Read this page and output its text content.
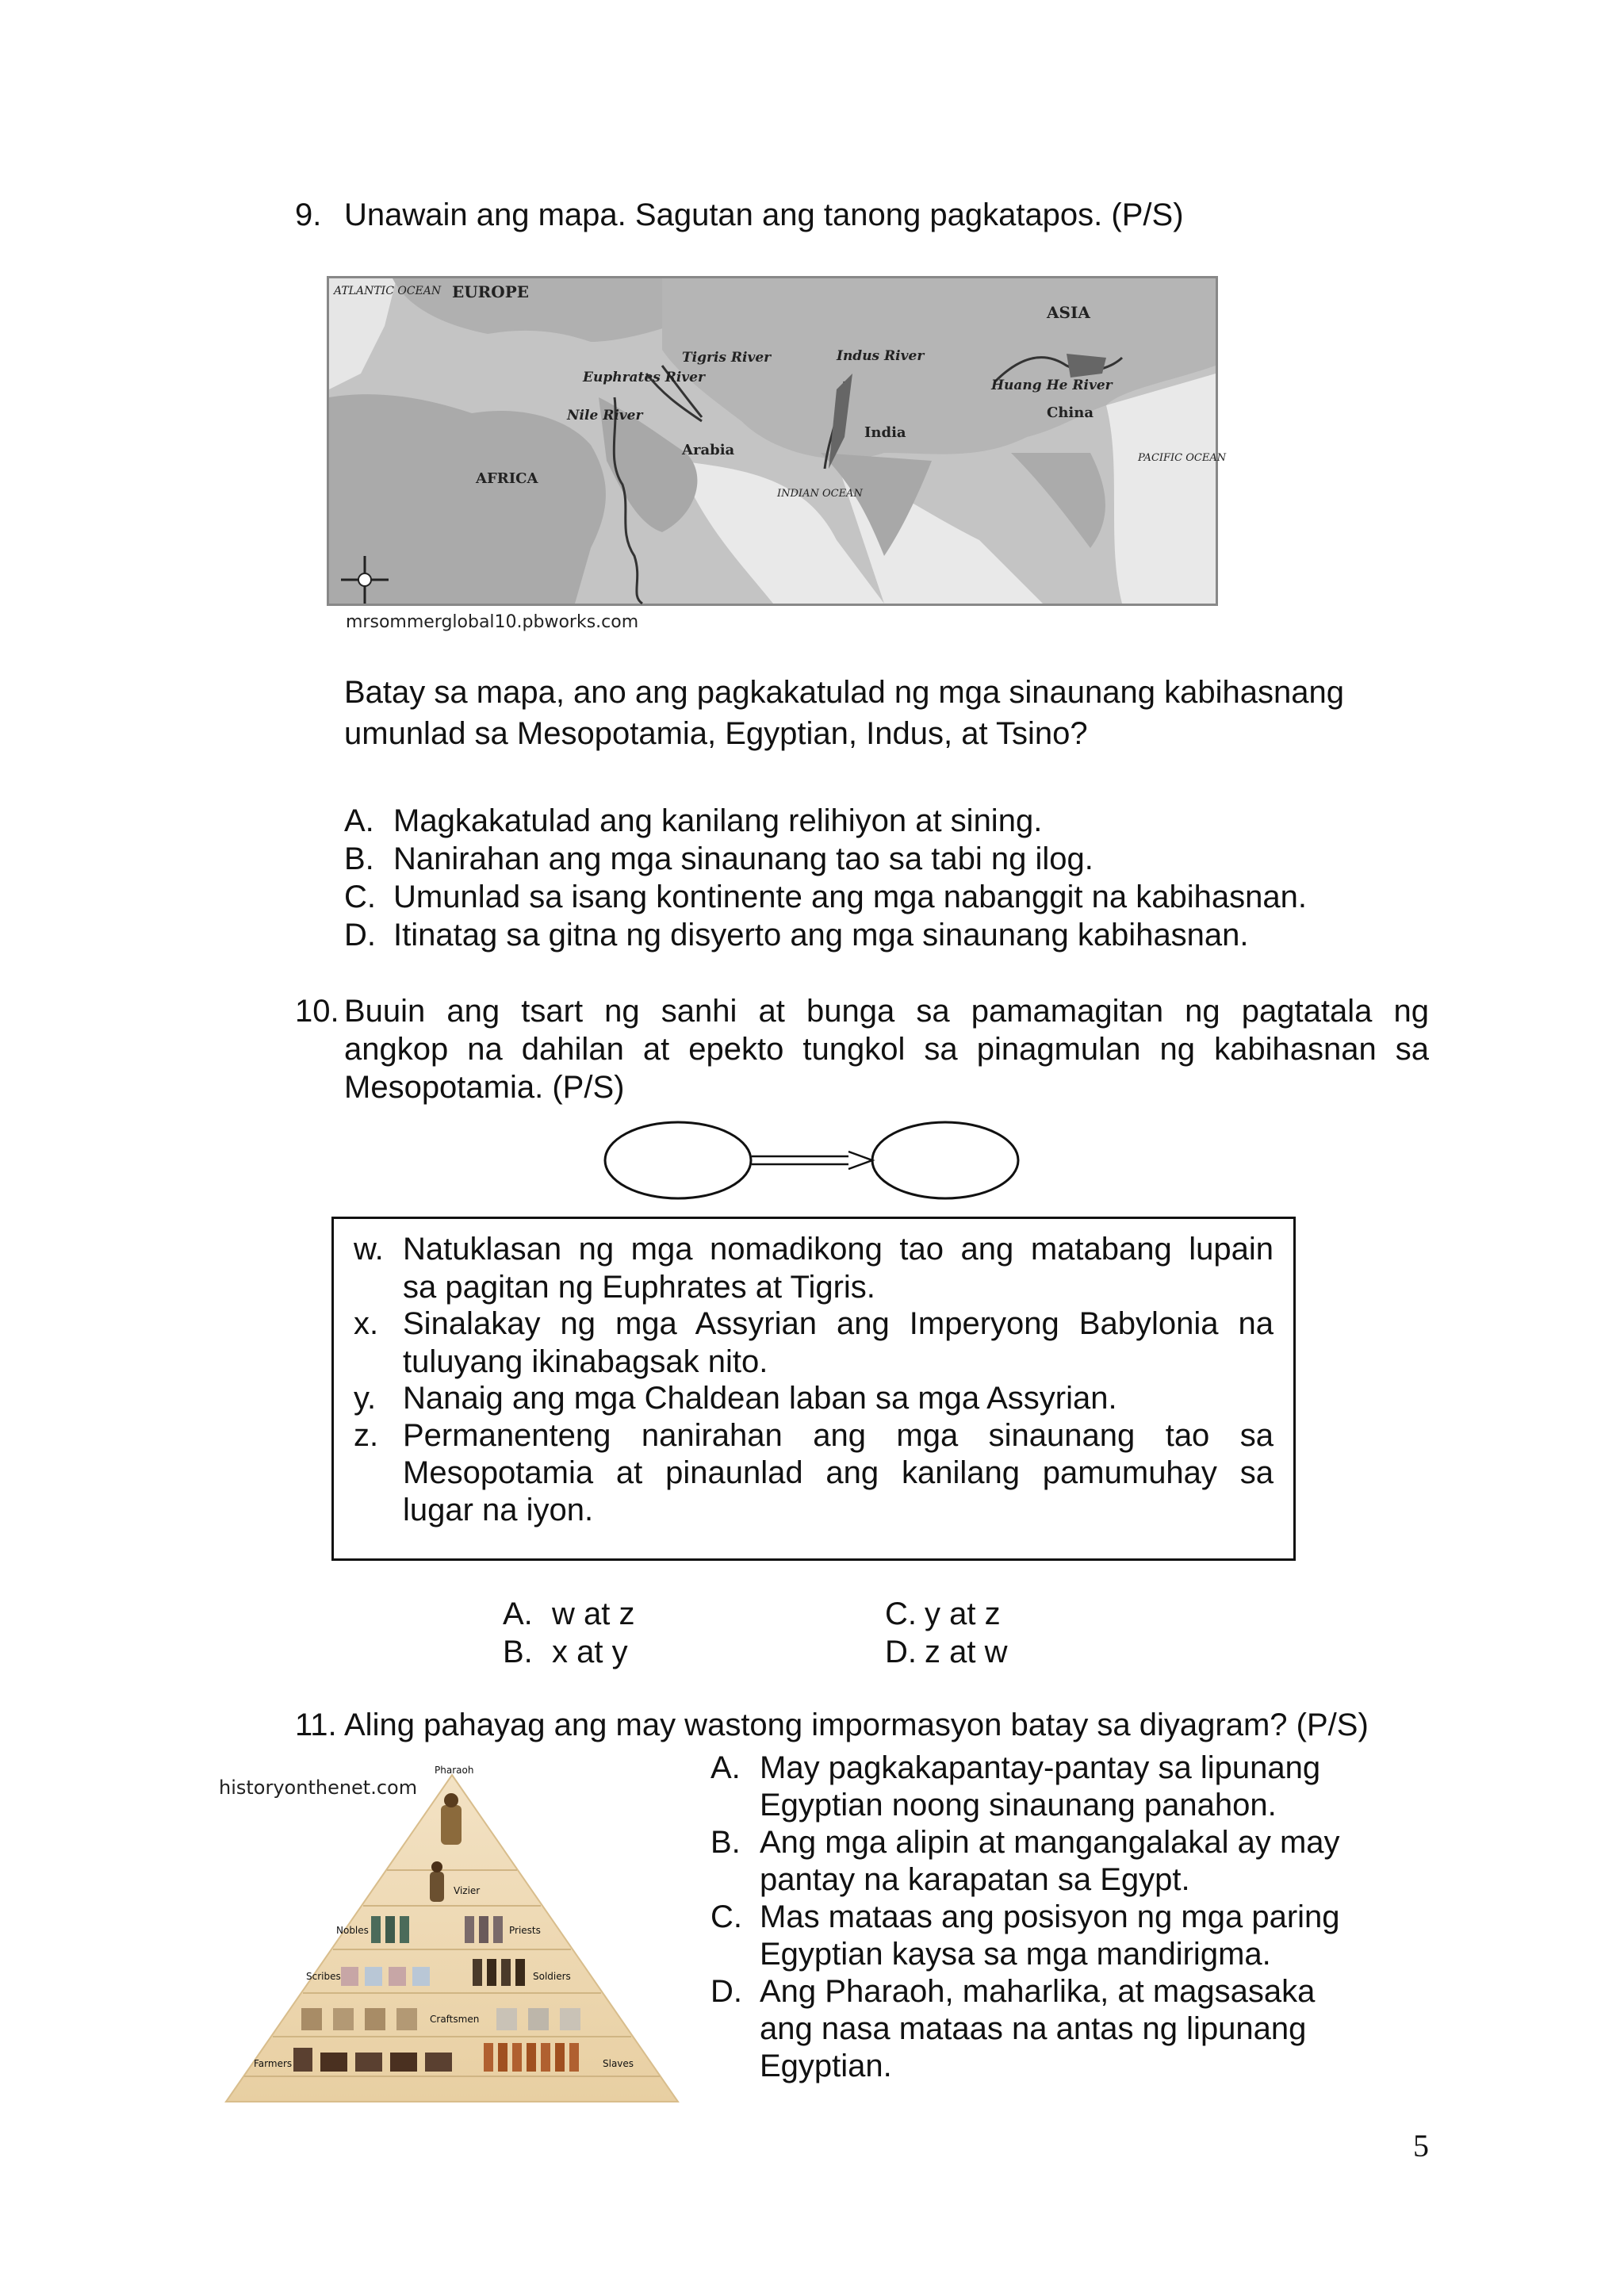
9. Unawain ang mapa. Sagutan ang tanong pagkatapos. (P/S)
ATLANTIC OCEAN EUROPE
ASIA
Tigris River
Euphrates River
Nile River
Indus River
Huang He River
China
India
Arabia
AFRICA
INDIAN OCEAN
PACIFIC OCEAN
mrsommerglobal10.pbworks.com
Batay sa mapa, ano ang pagkakatulad ng mga sinaunang kabihasnang
umunlad sa Mesopotamia, Egyptian, Indus, at Tsino?
A. Magkakatulad ang kanilang relihiyon at sining.
B. Nanirahan ang mga sinaunang tao sa tabi ng ilog.
C. Umunlad sa isang kontinente ang mga nabanggit na kabihasnan.
D. Itinatag sa gitna ng disyerto ang mga sinaunang kabihasnan.
10. Buuin ang tsart ng sanhi at bunga sa pamamagitan ng pagtatala ng
angkop na dahilan at epekto tungkol sa pinagmulan ng kabihasnan sa
Mesopotamia. (P/S)
w. Natuklasan ng mga nomadikong tao ang matabang lupain
sa pagitan ng Euphrates at Tigris.
x. Sinalakay ng mga Assyrian ang Imperyong Babylonia na
tuluyang ikinabagsak nito.
y. Nanaig ang mga Chaldean laban sa mga Assyrian.
z. Permanenteng nanirahan ang mga sinaunang tao sa
Mesopotamia at pinaunlad ang kanilang pamumuhay sa
lugar na iyon.
A. w at z
B. x at y
C. y at z
D. z at w
11. Aling pahayag ang may wastong impormasyon batay sa diyagram? (P/S)
historyonthenet.com
Pharaoh
Vizier
Nobles	Priests
Scribes	Soldiers
Craftsmen
Farmers	Slaves
A. May pagkakapantay-pantay sa lipunang
Egyptian noong sinaunang panahon.
B. Ang mga alipin at mangangalakal ay may
pantay na karapatan sa Egypt.
C. Mas mataas ang posisyon ng mga paring
Egyptian kaysa sa mga mandirigma.
D. Ang Pharaoh, maharlika, at magsasaka
ang nasa mataas na antas ng lipunang
Egyptian.
5
